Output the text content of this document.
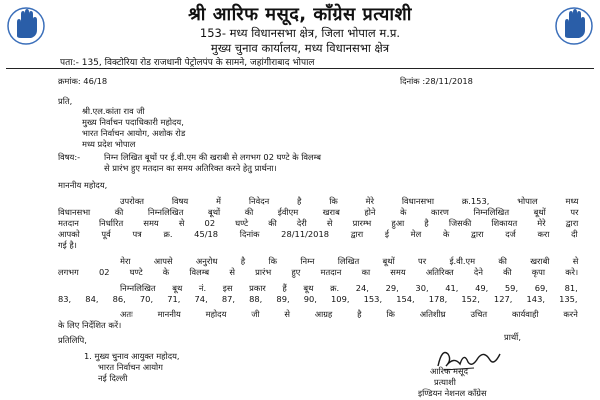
श्री आरिफ मसूद, कॉंग्रेस प्रत्याशी
153- मध्य विधानसभा क्षेत्र, जिला भोपाल म.प्र.
मुख्य चुनाव कार्यालय, मध्य विधानसभा क्षेत्र
पता:- 135, विक्टोरिया रोड राजधानी पेट्रोलपंप के सामने, जहांगीराबाद भोपाल
क्रमांक: 46/18	दिनांक :28/11/2018
प्रति,
श्री.एल.कांता राव जी
मुख्य निर्वाचन पदाधिकारी महोदय,
भारत निर्वाचन आयोग, अशोक रोड
मध्य प्रदेश भोपाल
विषय:-	निम्न लिखित बूथों पर ई.वी.एम की खराबी से लगभग 02 घण्टे के विलम्ब
से प्रारंभ हुए मतदान का समय अतिरिक्त करने हेतु प्रार्थना।
माननीय महोदय,
उपरोक्त विषय में निवेदन है कि मेरे विधानसभा क्र.153, भोपाल मध्य
विधानसभा की निम्नलिखित बूथों की ईवीएम खराब होने के कारण निम्नलिखित बूथों पर
मतदान निर्धारित समय से 02 घण्टे की देरी से प्रारम्भ हुआ है जिसकी शिकायत मेरे द्वारा
आपको पूर्व पत्र क्र. 45/18 दिनांक 28/11/2018 द्वारा ई मेल के द्वारा दर्ज करा दी
गई है।
मेरा आपसे अनुरोध है कि निम्न लिखित बूथों पर ई.वी.एम की खराबी से
लगभग 02 घण्टे के विलम्ब से प्रारंभ हुए मतदान का समय अतिरिक्त देने की कृपा करे।
निम्नलिखित बूथ नं. इस प्रकार हैं बूथ क्र. 24, 29, 30, 41, 49, 59, 69, 81,
83, 84, 86, 70, 71, 74, 87, 88, 89, 90, 109, 153, 154, 178, 152, 127, 143, 135,
अतः माननीय महोदय जी से आग्रह है कि अतिशीघ्र उचित कार्यवाही करने
के लिए निर्देशित करें।
प्रतिलिपि,
1. मुख्य चुनाव आयुक्त महोदय,
भारत निर्वाचन आयोग
नई दिल्ली
प्रार्थी,
आरिफ मसूद
प्रत्याशी
इण्डियन नेशनल कॉंग्रेस
